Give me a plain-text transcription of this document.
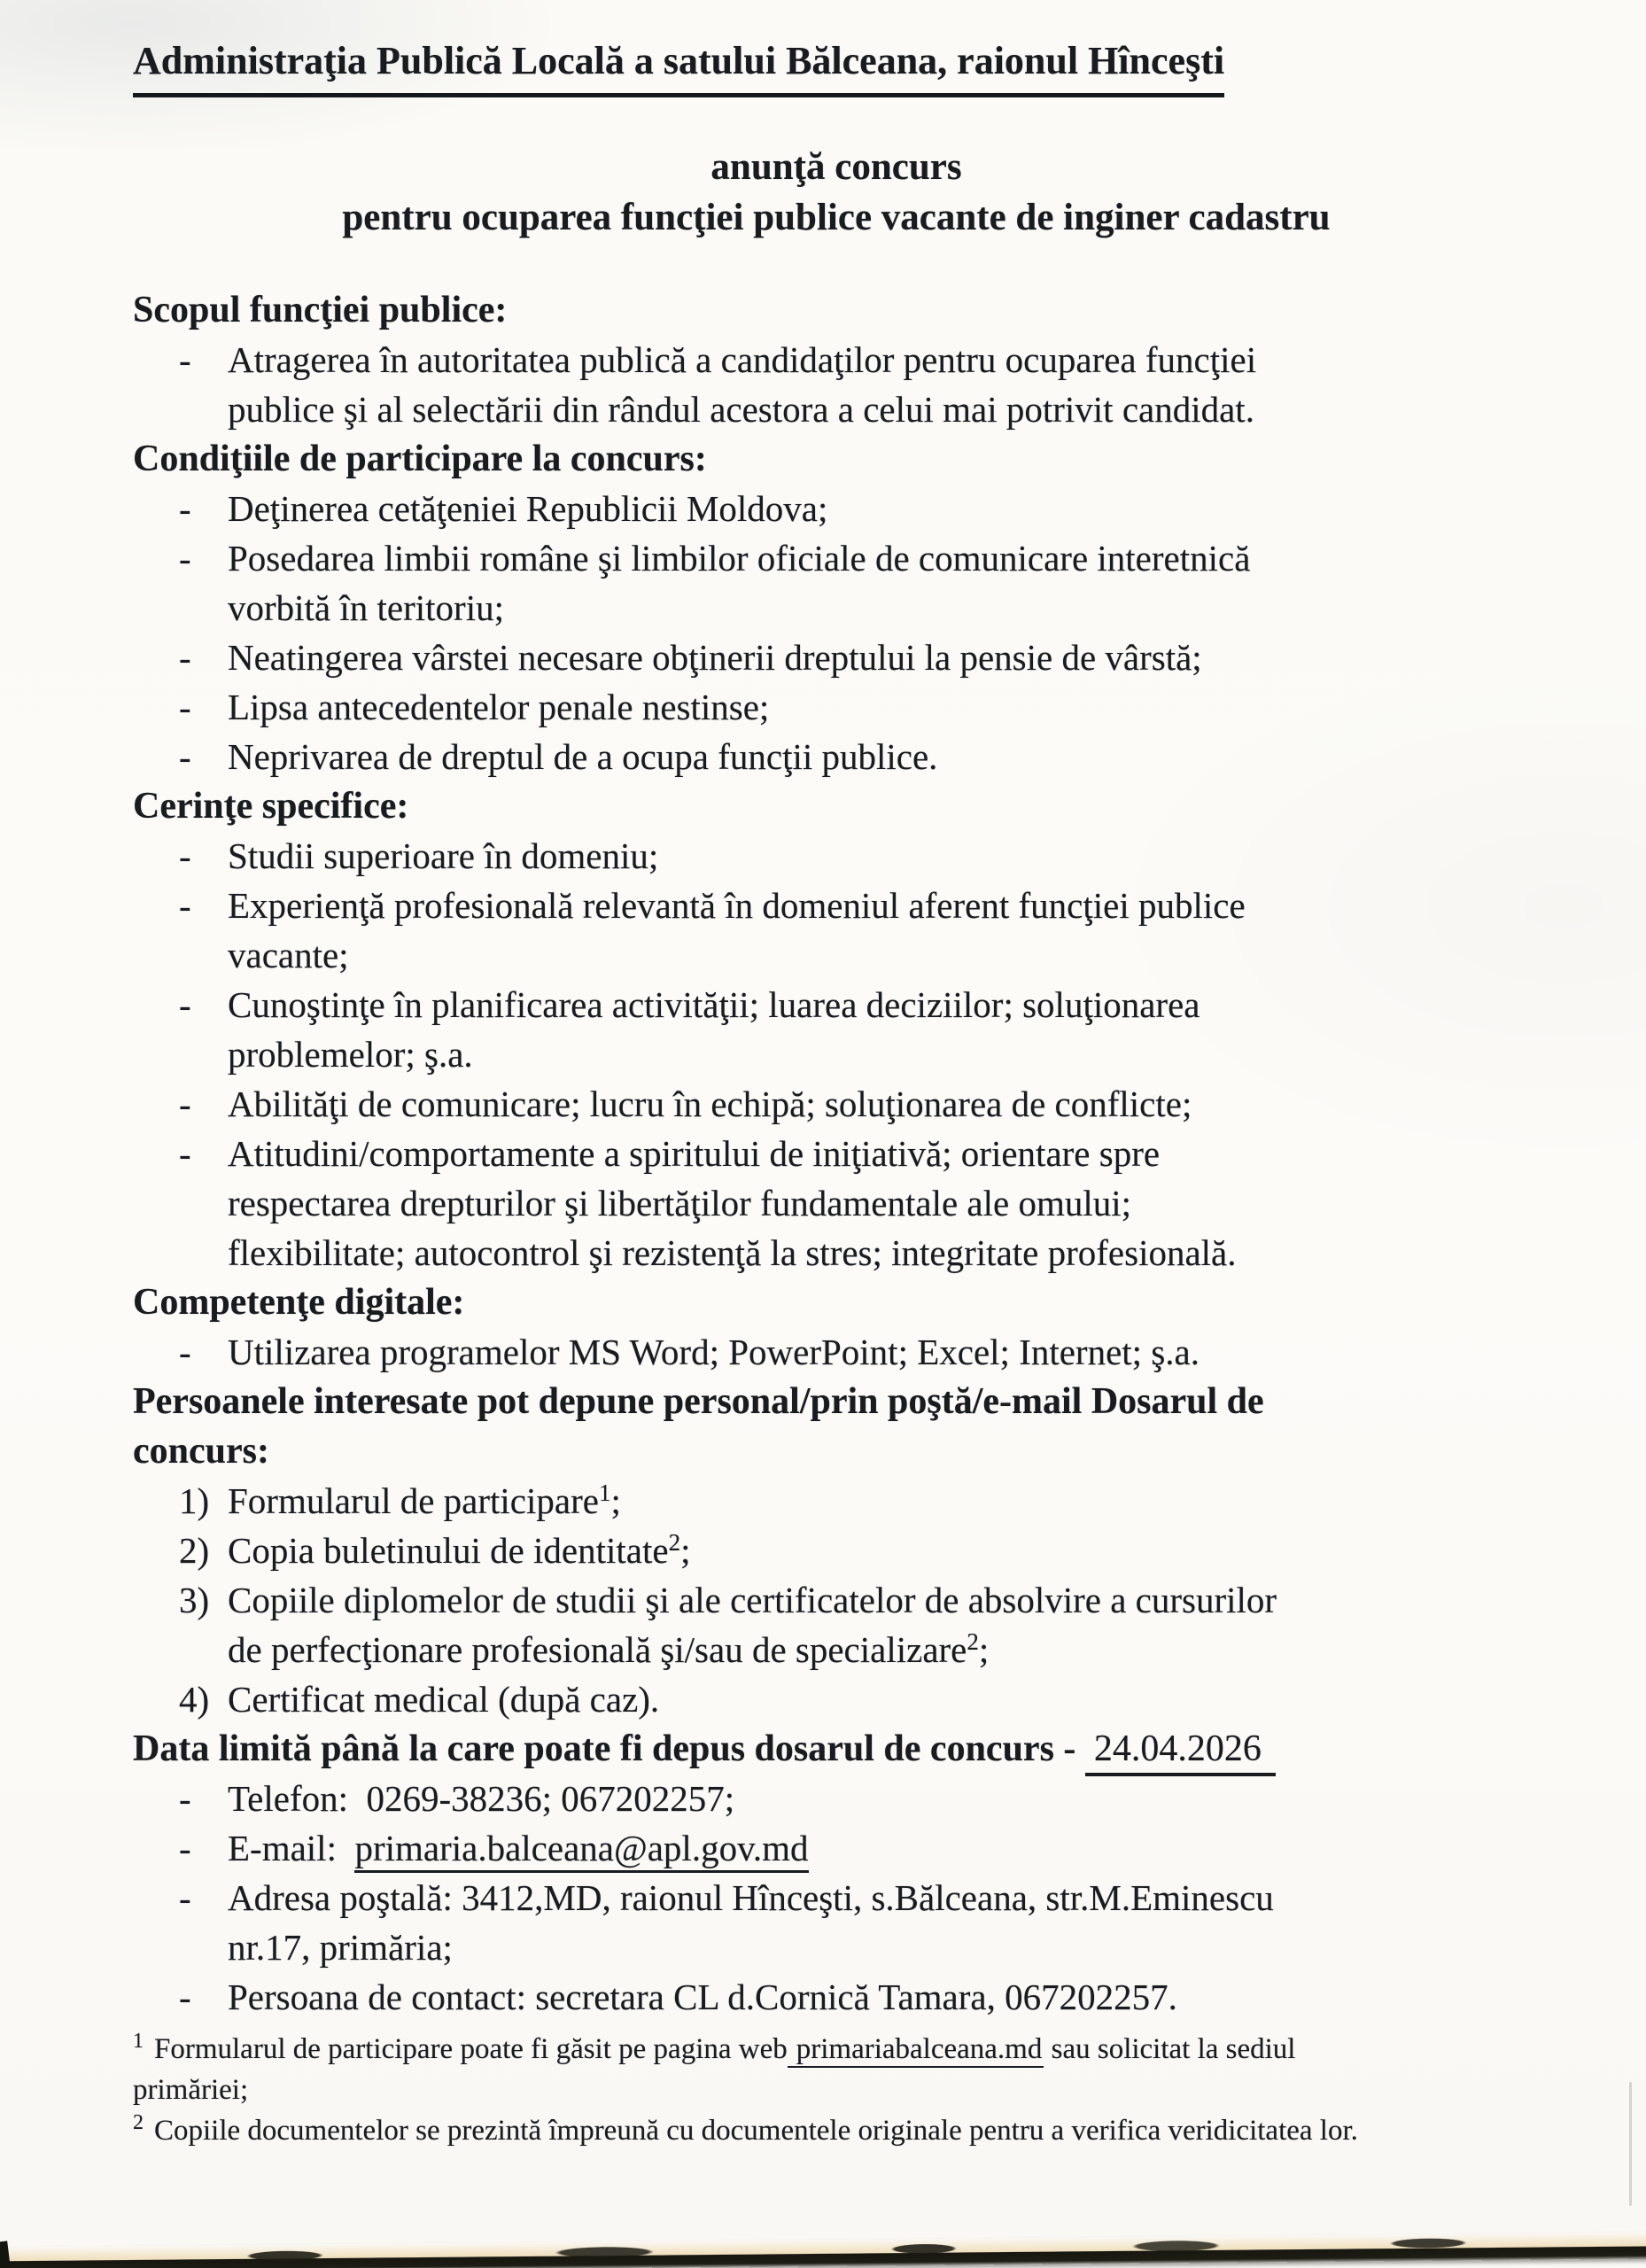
Administraţia Publică Locală a satului Bălceana, raionul Hînceşti
anunţă concurs
pentru ocuparea funcţiei publice vacante de inginer cadastru
Scopul funcţiei publice:
- Atragerea în autoritatea publică a candidaţilor pentru ocuparea funcţiei
publice şi al selectării din rândul acestora a celui mai potrivit candidat.
Condiţiile de participare la concurs:
- Deţinerea cetăţeniei Republicii Moldova;
- Posedarea limbii române şi limbilor oficiale de comunicare interetnică
vorbită în teritoriu;
- Neatingerea vârstei necesare obţinerii dreptului la pensie de vârstă;
- Lipsa antecedentelor penale nestinse;
- Neprivarea de dreptul de a ocupa funcţii publice.
Cerinţe specifice:
- Studii superioare în domeniu;
- Experienţă profesională relevantă în domeniul aferent funcţiei publice
vacante;
- Cunoştinţe în planificarea activităţii; luarea deciziilor; soluţionarea
problemelor; ş.a.
- Abilităţi de comunicare; lucru în echipă; soluţionarea de conflicte;
- Atitudini/comportamente a spiritului de iniţiativă; orientare spre
respectarea drepturilor şi libertăţilor fundamentale ale omului;
flexibilitate; autocontrol şi rezistenţă la stres; integritate profesională.
Competenţe digitale:
- Utilizarea programelor MS Word; PowerPoint; Excel; Internet; ş.a.
Persoanele interesate pot depune personal/prin poştă/e-mail Dosarul de
concurs:
1) Formularul de participare1;
2) Copia buletinului de identitate2;
3) Copiile diplomelor de studii şi ale certificatelor de absolvire a cursurilor
de perfecţionare profesională şi/sau de specializare2;
4) Certificat medical (după caz).
Data limită până la care poate fi depus dosarul de concurs - 24.04.2026
- Telefon:  0269-38236; 067202257;
- E-mail:  primaria.balceana@apl.gov.md
- Adresa poştală: 3412,MD, raionul Hînceşti, s.Bălceana, str.M.Eminescu
nr.17, primăria;
- Persoana de contact: secretara CL d.Cornică Tamara, 067202257.
1 Formularul de participare poate fi găsit pe pagina web primariabalceana.md sau solicitat la sediul
primăriei;
2 Copiile documentelor se prezintă împreună cu documentele originale pentru a verifica veridicitatea lor.
